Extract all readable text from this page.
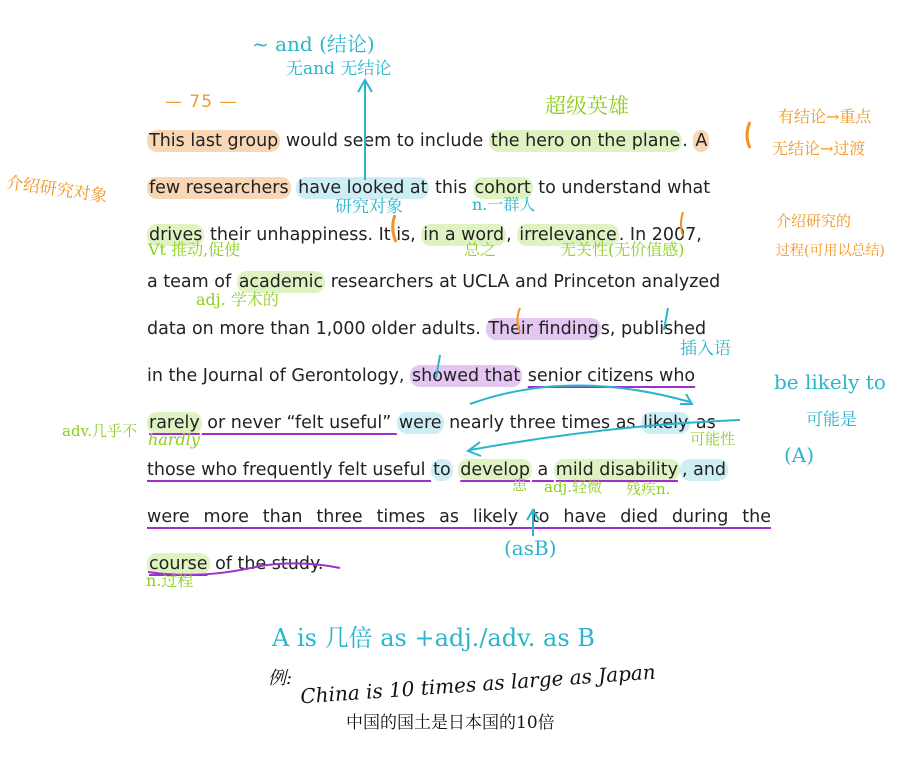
— 75 —
This last group would seem to include the hero on the plane . A
few researchers have looked at this cohort to understand what
drives their unhappiness. It is, in a word , irrelevance . In 2007,
a team of academic researchers at UCLA and Princeton analyzed
data on more than 1,000 older adults. Their finding s, published
in the Journal of Gerontology, showed that senior citizens who
rarely or never “felt useful” were nearly three times as likely as
those who frequently felt useful to develop a mild disability , and
were more than three times as likely to have died during the
course of the study.
~ and (结论)
无and 无结论
超级英雄	有结论→重点
无结论→过渡
介绍研究对象
研究对象	n.一群人
Vt 推动,促使	总之	无关性(无价值感)
介绍研究的
过程(可用以总结)
adj. 学术的
插入语
be likely to
可能是
adv.几乎不 hardly	可能性
(A)
患 adj.轻微 残疾n.
(asB)
n.过程
A is 几倍 as +adj./adv. as B
例: China is 10 times as large as Japan
中国的国土是日本国的10倍
